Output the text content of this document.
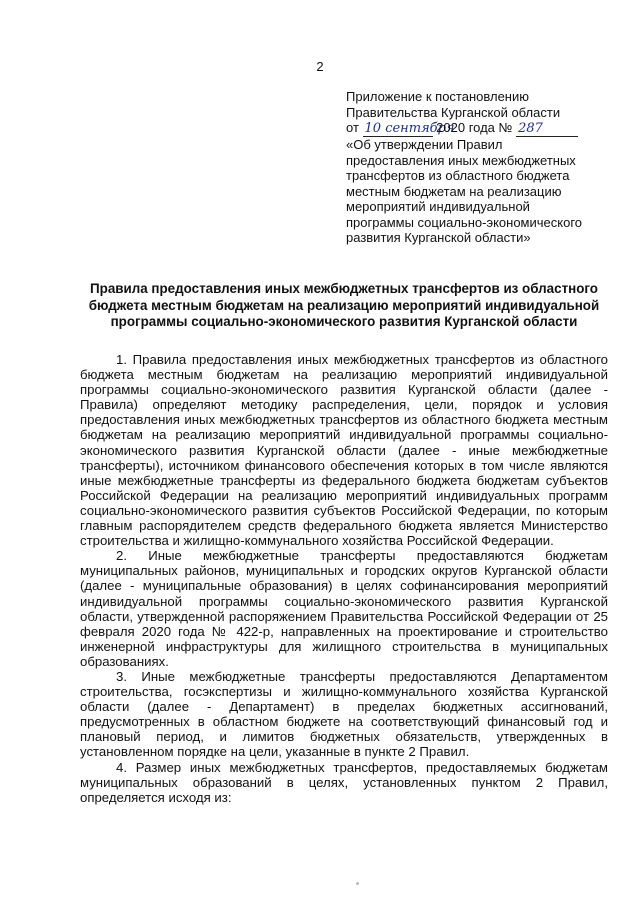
2
Приложение к постановлению
Правительства Курганской области
от 10 сентября 2020 года № 287
«Об утверждении Правил
предоставления иных межбюджетных
трансфертов из областного бюджета
местным бюджетам на реализацию
мероприятий индивидуальной
программы социально-экономического
развития Курганской области»
Правила предоставления иных межбюджетных трансфертов из областного бюджета местным бюджетам на реализацию мероприятий индивидуальной программы социально-экономического развития Курганской области

1. Правила предоставления иных межбюджетных трансфертов из областного бюджета местным бюджетам на реализацию мероприятий индивидуальной программы социально-экономического развития Курганской области (далее - Правила) определяют методику распределения, цели, порядок и условия предоставления иных межбюджетных трансфертов из областного бюджета местным бюджетам на реализацию мероприятий индивидуальной программы социально-экономического развития Курганской области (далее - иные межбюджетные трансферты), источником финансового обеспечения которых в том числе являются иные межбюджетные трансферты из федерального бюджета бюджетам субъектов Российской Федерации на реализацию мероприятий индивидуальных программ социально-экономического развития субъектов Российской Федерации, по которым главным распорядителем средств федерального бюджета является Министерство строительства и жилищно-коммунального хозяйства Российской Федерации.

2. Иные межбюджетные трансферты предоставляются бюджетам муниципальных районов, муниципальных и городских округов Курганской области (далее - муниципальные образования) в целях софинансирования мероприятий индивидуальной программы социально-экономического развития Курганской области, утвержденной распоряжением Правительства Российской Федерации от 25 февраля 2020 года № 422-р, направленных на проектирование и строительство инженерной инфраструктуры для жилищного строительства в муниципальных образованиях.

3. Иные межбюджетные трансферты предоставляются Департаментом строительства, госэкспертизы и жилищно-коммунального хозяйства Курганской области (далее - Департамент) в пределах бюджетных ассигнований, предусмотренных в областном бюджете на соответствующий финансовый год и плановый период, и лимитов бюджетных обязательств, утвержденных в установленном порядке на цели, указанные в пункте 2 Правил.

4. Размер иных межбюджетных трансфертов, предоставляемых бюджетам муниципальных образований в целях, установленных пунктом 2 Правил, определяется исходя из:
